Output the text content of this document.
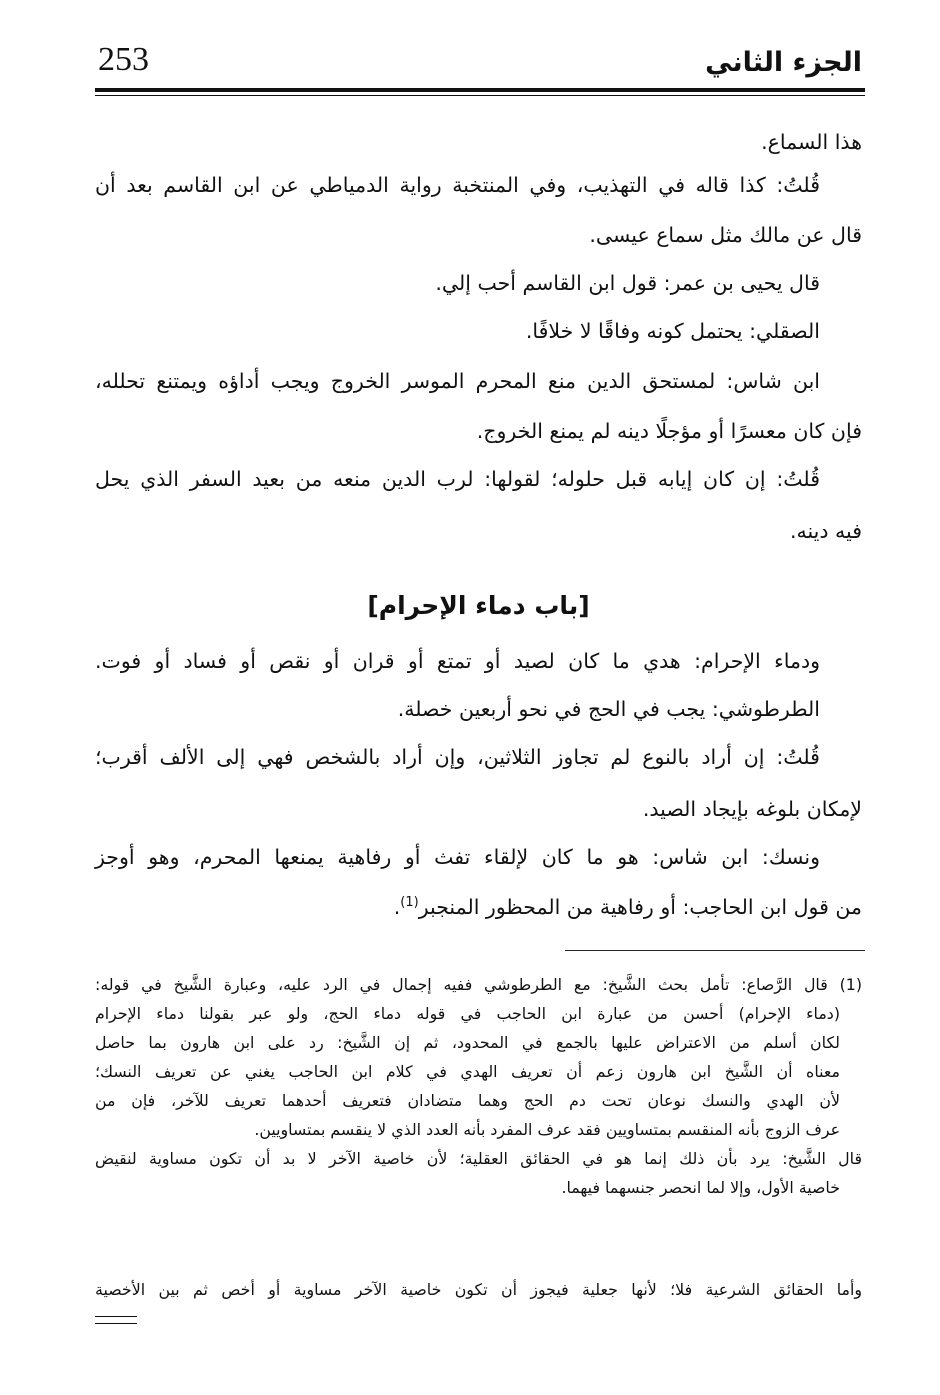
253	الجزء الثاني
هذا السماع.
قُلتُ: كذا قاله في التهذيب، وفي المنتخبة رواية الدمياطي عن ابن القاسم بعد أن
قال عن مالك مثل سماع عيسى.
قال يحيى بن عمر: قول ابن القاسم أحب إلي.
الصقلي: يحتمل كونه وفاقًا لا خلافًا.
ابن شاس: لمستحق الدين منع المحرم الموسر الخروج ويجب أداؤه ويمتنع تحلله،
فإن كان معسرًا أو مؤجلًا دينه لم يمنع الخروج.
قُلتُ: إن كان إيابه قبل حلوله؛ لقولها: لرب الدين منعه من بعيد السفر الذي يحل
فيه دينه.
[باب دماء الإحرام]
ودماء الإحرام: هدي ما كان لصيد أو تمتع أو قران أو نقص أو فساد أو فوت.
الطرطوشي: يجب في الحج في نحو أربعين خصلة.
قُلتُ: إن أراد بالنوع لم تجاوز الثلاثين، وإن أراد بالشخص فهي إلى الألف أقرب؛
لإمكان بلوغه بإيجاد الصيد.
ونسك: ابن شاس: هو ما كان لإلقاء تفث أو رفاهية يمنعها المحرم، وهو أوجز
من قول ابن الحاجب: أو رفاهية من المحظور المنجبر$^{(1)}$.
(1) قال الرَّصاع: تأمل بحث الشَّيخ: مع الطرطوشي ففيه إجمال في الرد عليه، وعبارة الشَّيخ في قوله:
(دماء الإحرام) أحسن من عبارة ابن الحاجب في قوله دماء الحج، ولو عبر بقولنا دماء الإحرام
لكان أسلم من الاعتراض عليها بالجمع في المحدود، ثم إن الشَّيخ: رد على ابن هارون بما حاصل
معناه أن الشَّيخ ابن هارون زعم أن تعريف الهدي في كلام ابن الحاجب يغني عن تعريف النسك؛
لأن الهدي والنسك نوعان تحت دم الحج وهما متضادان فتعريف أحدهما تعريف للآخر، فإن من
عرف الزوج بأنه المنقسم بمتساويين فقد عرف المفرد بأنه العدد الذي لا ينقسم بمتساويين.
قال الشَّيخ: يرد بأن ذلك إنما هو في الحقائق العقلية؛ لأن خاصية الآخر لا بد أن تكون مساوية لنقيض
خاصية الأول، وإلا لما انحصر جنسهما فيهما.
وأما الحقائق الشرعية فلا؛ لأنها جعلية فيجوز أن تكون خاصية الآخر مساوية أو أخص ثم بين الأخصية
